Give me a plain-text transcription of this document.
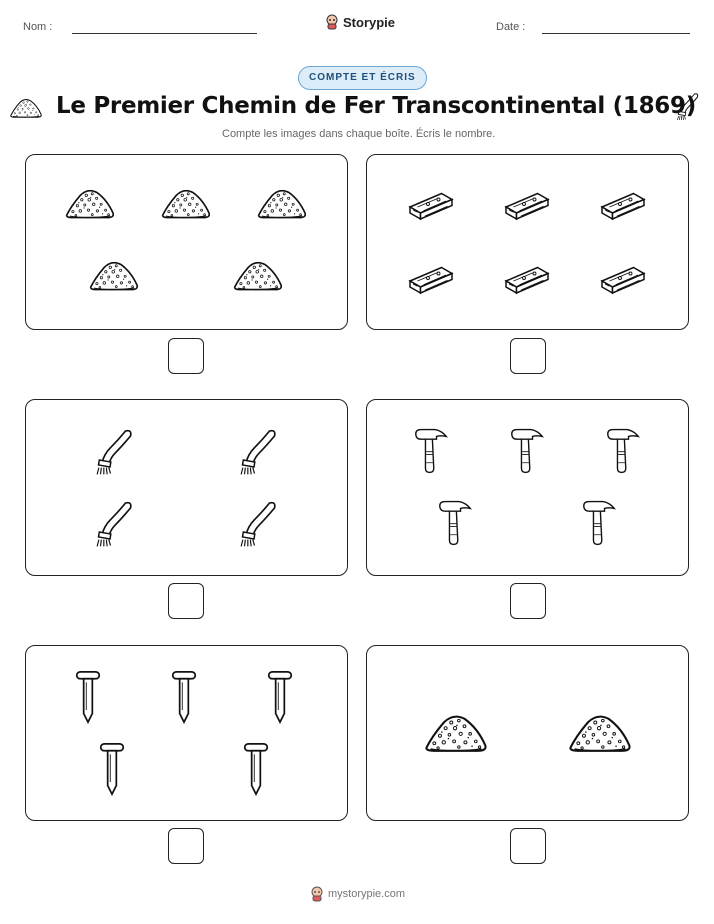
Nom :	Storypie	Date :
COMPTE ET ÉCRIS
Le Premier Chemin de Fer Transcontinental (1869)
Compte les images dans chaque boîte. Écris le nombre.
mystorypie.com
